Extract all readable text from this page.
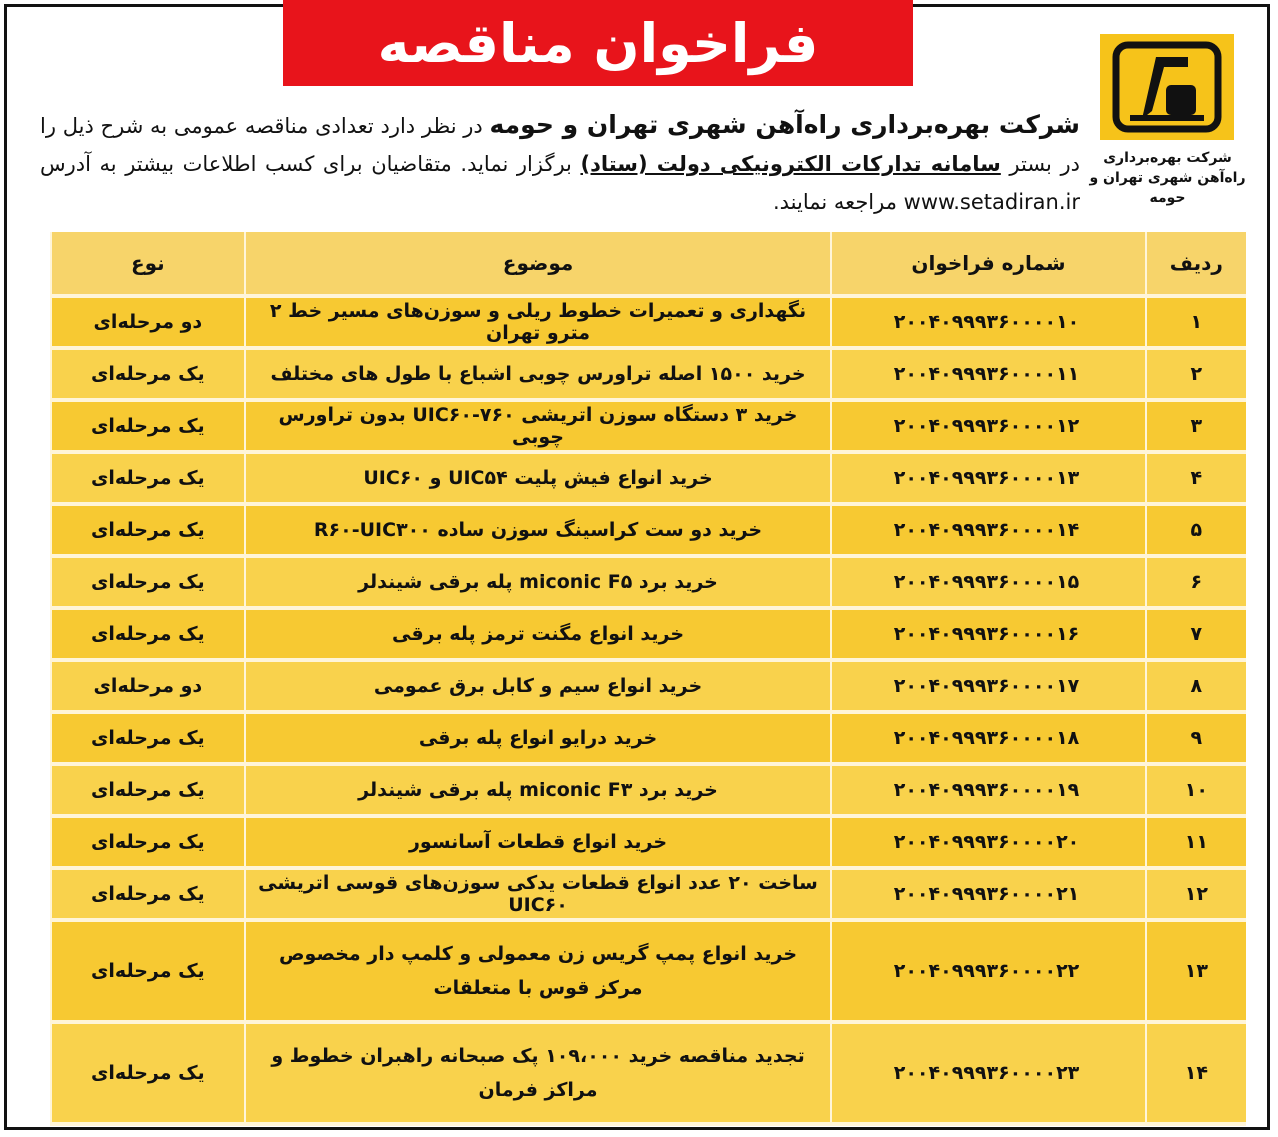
فراخوان مناقصه
شرکت بهره‌برداری
راه‌آهن شهری تهران و حومه
شرکت بهره‌برداری راه‌آهن شهری تهران و حومه در نظر دارد تعدادی مناقصه عمومی به شرح ذیل را در بستر سامانه تدارکات الکترونیکی دولت (ستاد) برگزار نماید. متقاضیان برای کسب اطلاعات بیشتر به آدرس www.setadiran.ir مراجعه نمایند.
ردیف	شماره فراخوان	موضوع	نوع
۱	۲۰۰۴۰۹۹۹۳۶۰۰۰۰۱۰	نگهداری و تعمیرات خطوط ریلی و سوزن‌های مسیر خط ۲ مترو تهران	دو مرحله‌ای
۲	۲۰۰۴۰۹۹۹۳۶۰۰۰۰۱۱	خرید ۱۵۰۰ اصله تراورس چوبی اشباع با طول های مختلف	یک مرحله‌ای
۳	۲۰۰۴۰۹۹۹۳۶۰۰۰۰۱۲	خرید ۳ دستگاه سوزن اتریشی ۷۶۰-UIC۶۰ بدون تراورس چوبی	یک مرحله‌ای
۴	۲۰۰۴۰۹۹۹۳۶۰۰۰۰۱۳	خرید انواع فیش پلیت UIC۵۴ و UIC۶۰	یک مرحله‌ای
۵	۲۰۰۴۰۹۹۹۳۶۰۰۰۰۱۴	خرید دو ست کراسینگ سوزن ساده R۶۰-UIC۳۰۰	یک مرحله‌ای
۶	۲۰۰۴۰۹۹۹۳۶۰۰۰۰۱۵	خرید برد miconic F۵ پله برقی شیندلر	یک مرحله‌ای
۷	۲۰۰۴۰۹۹۹۳۶۰۰۰۰۱۶	خرید انواع مگنت ترمز پله برقی	یک مرحله‌ای
۸	۲۰۰۴۰۹۹۹۳۶۰۰۰۰۱۷	خرید انواع سیم و کابل برق عمومی	دو مرحله‌ای
۹	۲۰۰۴۰۹۹۹۳۶۰۰۰۰۱۸	خرید درایو انواع پله برقی	یک مرحله‌ای
۱۰	۲۰۰۴۰۹۹۹۳۶۰۰۰۰۱۹	خرید برد miconic F۳ پله برقی شیندلر	یک مرحله‌ای
۱۱	۲۰۰۴۰۹۹۹۳۶۰۰۰۰۲۰	خرید انواع قطعات آسانسور	یک مرحله‌ای
۱۲	۲۰۰۴۰۹۹۹۳۶۰۰۰۰۲۱	ساخت ۲۰ عدد انواع قطعات یدکی سوزن‌های قوسی اتریشی UIC۶۰	یک مرحله‌ای
۱۳	۲۰۰۴۰۹۹۹۳۶۰۰۰۰۲۲	خرید انواع پمپ گریس زن معمولی و کلمپ دار مخصوص مرکز قوس با متعلقات	یک مرحله‌ای
۱۴	۲۰۰۴۰۹۹۹۳۶۰۰۰۰۲۳	تجدید مناقصه خرید ۱۰۹،۰۰۰ پک صبحانه راهبران خطوط و مراکز فرمان	یک مرحله‌ای
